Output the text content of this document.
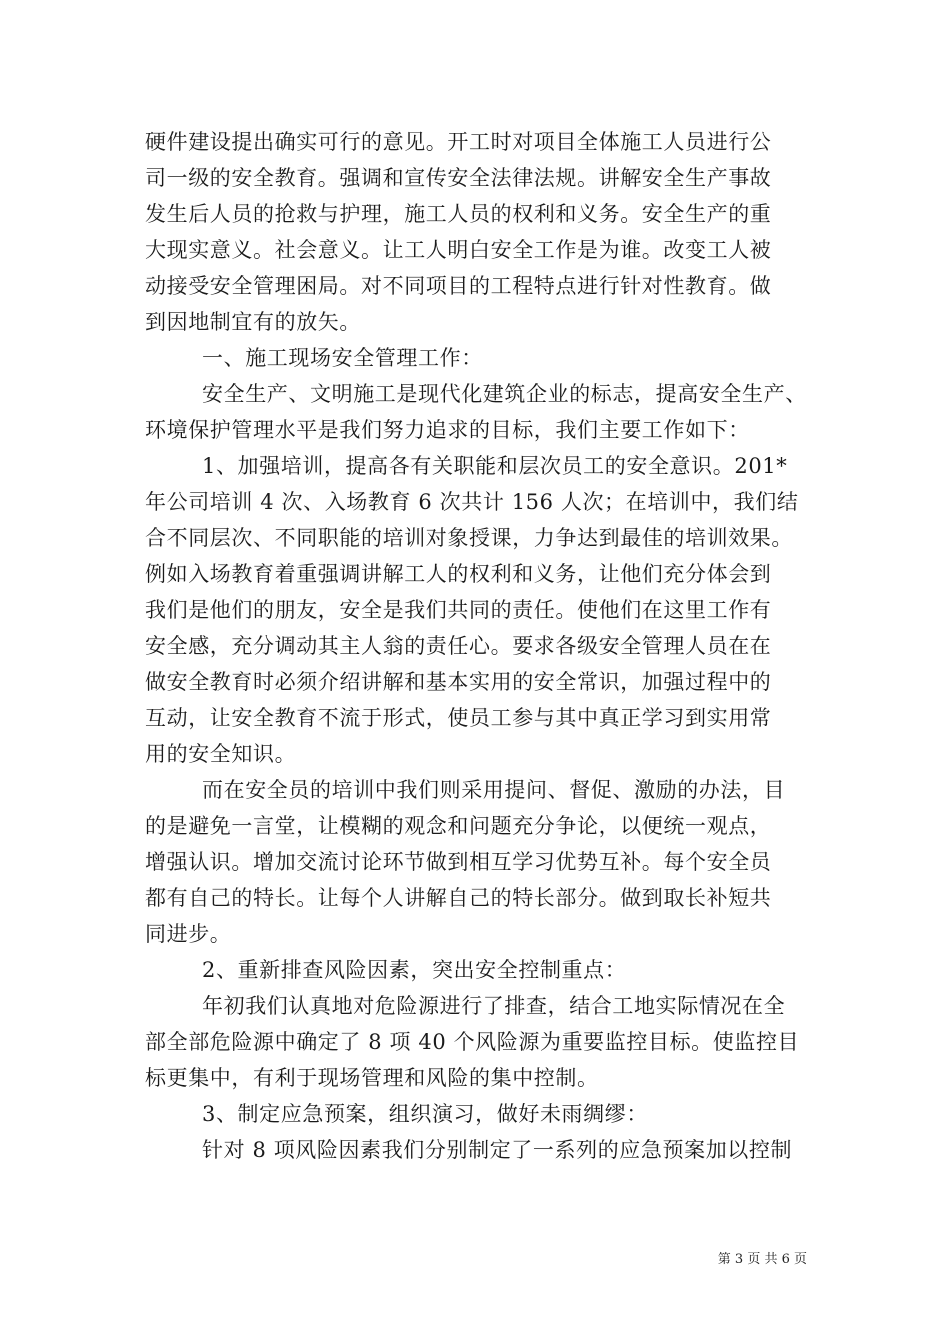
硬件建设提出确实可行的意见。开工时对项目全体施工人员进行公
司一级的安全教育。强调和宣传安全法律法规。讲解安全生产事故
发生后人员的抢救与护理，施工人员的权利和义务。安全生产的重
大现实意义。社会意义。让工人明白安全工作是为谁。改变工人被
动接受安全管理困局。对不同项目的工程特点进行针对性教育。做
到因地制宜有的放矢。
一、施工现场安全管理工作：
安全生产、文明施工是现代化建筑企业的标志，提高安全生产、
环境保护管理水平是我们努力追求的目标，我们主要工作如下：
1、加强培训，提高各有关职能和层次员工的安全意识。201*
年公司培训 4 次、入场教育 6 次共计 156 人次；在培训中，我们结
合不同层次、不同职能的培训对象授课，力争达到最佳的培训效果。
例如入场教育着重强调讲解工人的权利和义务，让他们充分体会到
我们是他们的朋友，安全是我们共同的责任。使他们在这里工作有
安全感，充分调动其主人翁的责任心。要求各级安全管理人员在在
做安全教育时必须介绍讲解和基本实用的安全常识，加强过程中的
互动，让安全教育不流于形式，使员工参与其中真正学习到实用常
用的安全知识。
而在安全员的培训中我们则采用提问、督促、激励的办法，目
的是避免一言堂，让模糊的观念和问题充分争论，以便统一观点，
增强认识。增加交流讨论环节做到相互学习优势互补。每个安全员
都有自己的特长。让每个人讲解自己的特长部分。做到取长补短共
同进步。
2、重新排查风险因素，突出安全控制重点：
年初我们认真地对危险源进行了排查，结合工地实际情况在全
部全部危险源中确定了 8 项 40 个风险源为重要监控目标。使监控目
标更集中，有利于现场管理和风险的集中控制。
3、制定应急预案，组织演习，做好未雨绸缪：
针对 8 项风险因素我们分别制定了一系列的应急预案加以控制
第 3 页 共 6 页
